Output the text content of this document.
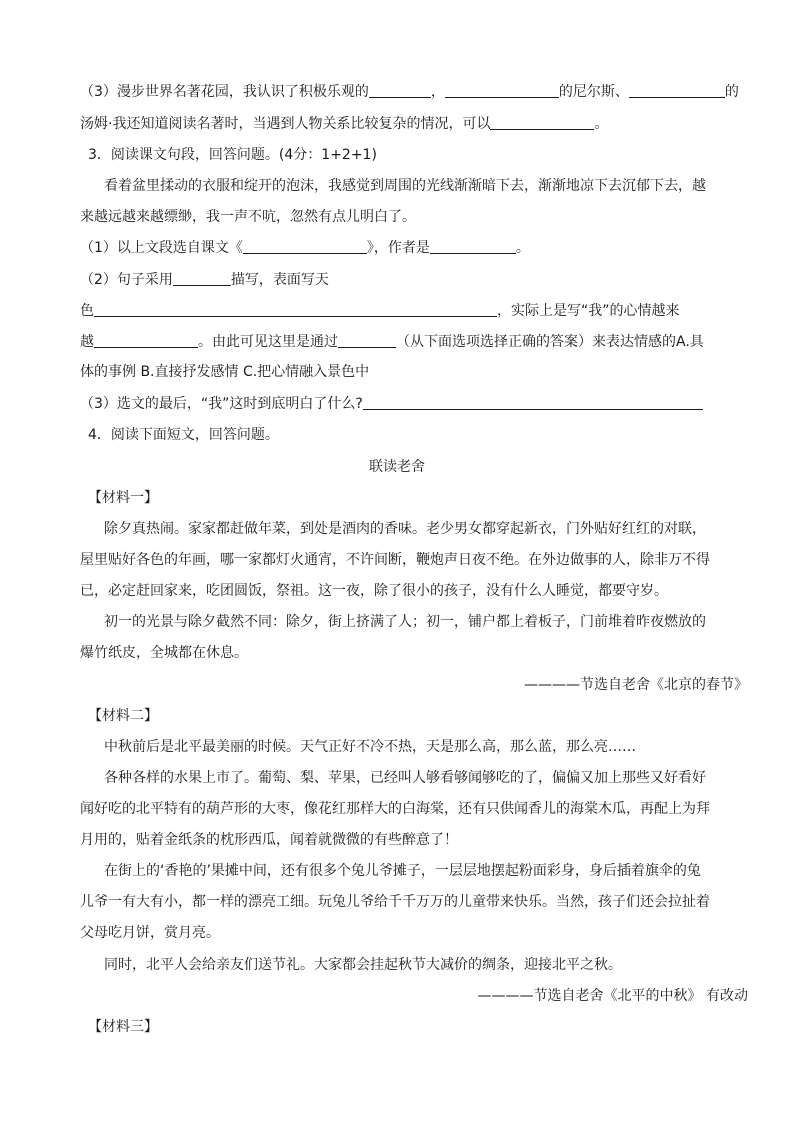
（3）漫步世界名著花园，我认识了积极乐观的	，	的尼尔斯、	的
汤姆·我还知道阅读名著时，当遇到人物关系比较复杂的情况，可以	。
3．阅读课文句段，回答问题。(4分：1+2+1)
看着盆里揉动的衣服和绽开的泡沫，我感觉到周围的光线渐渐暗下去，渐渐地凉下去沉郁下去，越
来越远越来越缥缈，我一声不吭，忽然有点儿明白了。
（1）以上文段选自课文《	》，作者是	。
（2）句子采用	描写，表面写天
色	，实际上是写“我”的心情越来
越	。由此可见这里是通过	（从下面选项选择正确的答案）来表达情感的A.具
体的事例 B.直接抒发感情 C.把心情融入景色中
（3）选文的最后，“我”这时到底明白了什么?
4．阅读下面短文，回答问题。
联读老舍
【材料一】
除夕真热闹。家家都赶做年菜，到处是酒肉的香味。老少男女都穿起新衣，门外贴好红红的对联，
屋里贴好各色的年画，哪一家都灯火通宵，不许间断，鞭炮声日夜不绝。在外边做事的人，除非万不得
已，必定赶回家来，吃团圆饭，祭祖。这一夜，除了很小的孩子，没有什么人睡觉，都要守岁。
初一的光景与除夕截然不同：除夕，街上挤满了人；初一，铺户都上着板子，门前堆着昨夜燃放的
爆竹纸皮，全城都在休息。
————节选自老舍《北京的春节》
【材料二】
中秋前后是北平最美丽的时候。天气正好不冷不热，天是那么高，那么蓝，那么亮……
各种各样的水果上市了。葡萄、梨、苹果，已经叫人够看够闻够吃的了，偏偏又加上那些又好看好
闻好吃的北平特有的葫芦形的大枣，像花红那样大的白海棠，还有只供闻香儿的海棠木瓜，再配上为拜
月用的，贴着金纸条的枕形西瓜，闻着就微微的有些醉意了！
在街上的‘香艳的’果摊中间，还有很多个兔儿爷摊子，一层层地摆起粉面彩身，身后插着旗伞的兔
儿爷一有大有小，都一样的漂亮工细。玩兔儿爷给千千万万的儿童带来快乐。当然，孩子们还会拉扯着
父母吃月饼，赏月亮。
同时，北平人会给亲友们送节礼。大家都会挂起秋节大减价的绸条，迎接北平之秋。
————节选自老舍《北平的中秋》 有改动
【材料三】
